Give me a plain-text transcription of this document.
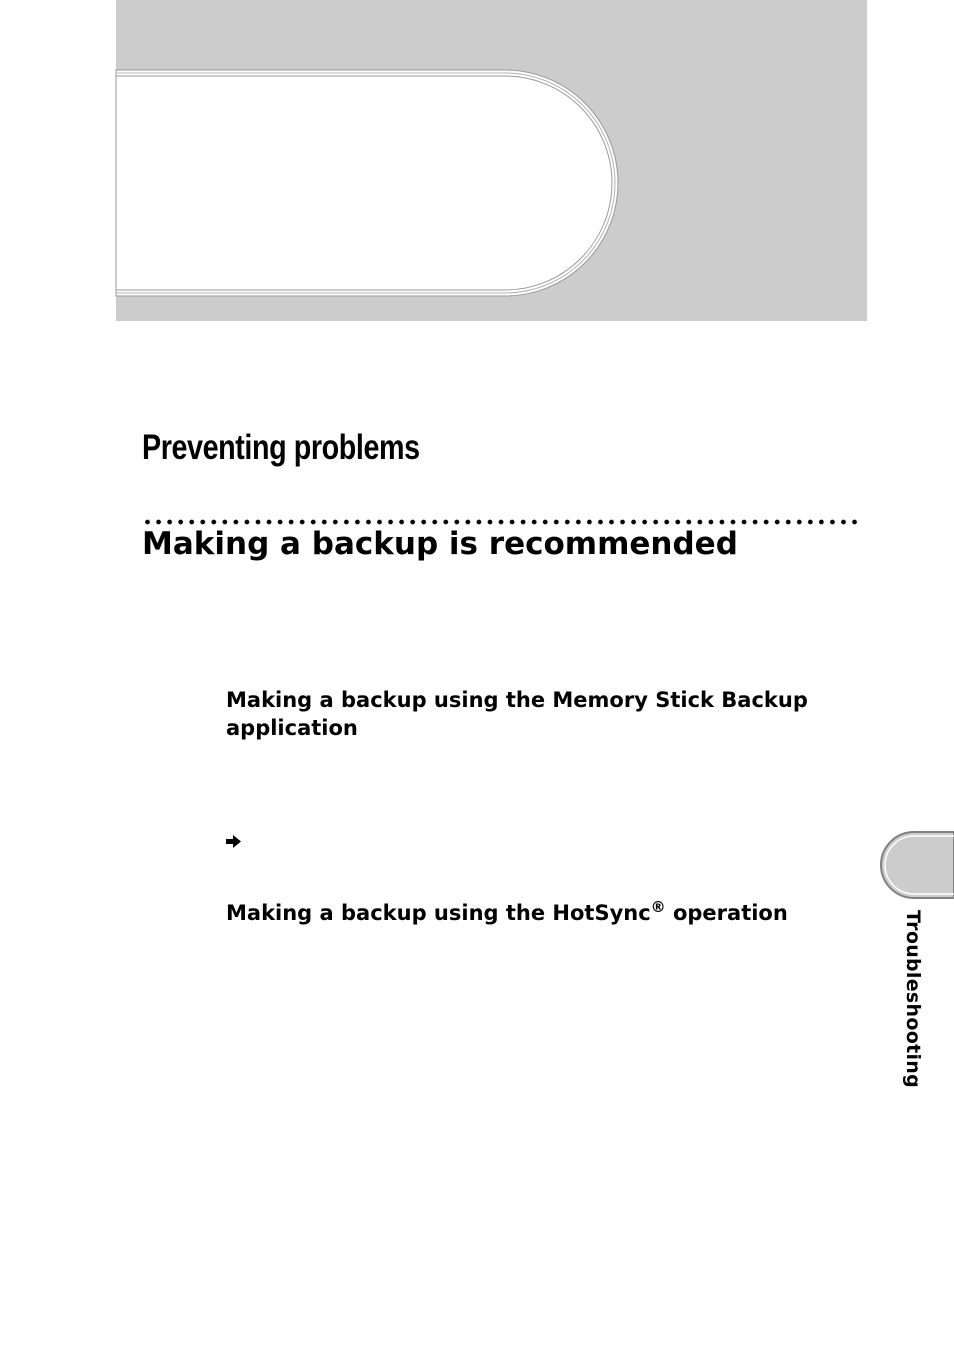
Preventing problems
Making a backup is recommended
Making a backup using the Memory Stick Backup application
Making a backup using the HotSync® operation	Troubleshooting
